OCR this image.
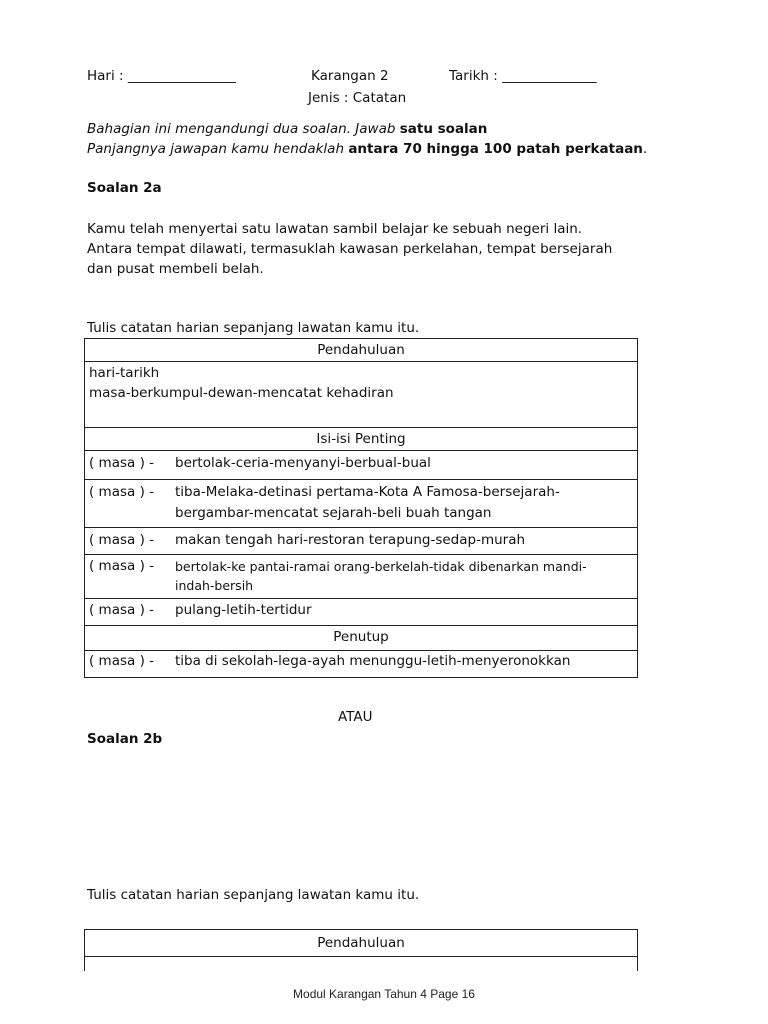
Hari : ________________	Karangan 2	Tarikh : ______________
Jenis : Catatan

Bahagian ini mengandungi dua soalan. Jawab satu soalan

Panjangnya jawapan kamu hendaklah antara 70 hingga 100 patah perkataan.

Soalan 2a

Kamu telah menyertai satu lawatan sambil belajar ke sebuah negeri lain.

Antara tempat dilawati, termasuklah kawasan perkelahan, tempat bersejarah

dan pusat membeli belah.

Tulis catatan harian sepanjang lawatan kamu itu.
Pendahuluan

hari-tarikh
masa-berkumpul-dewan-mencatat kehadiran

Isi-isi Penting
( masa ) - bertolak-ceria-menyanyi-berbual-bual
( masa ) - tiba-Melaka-detinasi pertama-Kota A Famosa-bersejarah-
bergambar-mencatat sejarah-beli buah tangan

( masa ) - makan tengah hari-restoran terapung-sedap-murah
( masa ) - bertolak-ke pantai-ramai orang-berkelah-tidak dibenarkan mandi-
indah-bersih

( masa ) - pulang-letih-tertidur
Penutup
( masa ) - tiba di sekolah-lega-ayah menunggu-letih-menyeronokkan
ATAU
Soalan 2b
Tulis catatan harian sepanjang lawatan kamu itu.
Pendahuluan

Modul Karangan Tahun 4 Page 16
